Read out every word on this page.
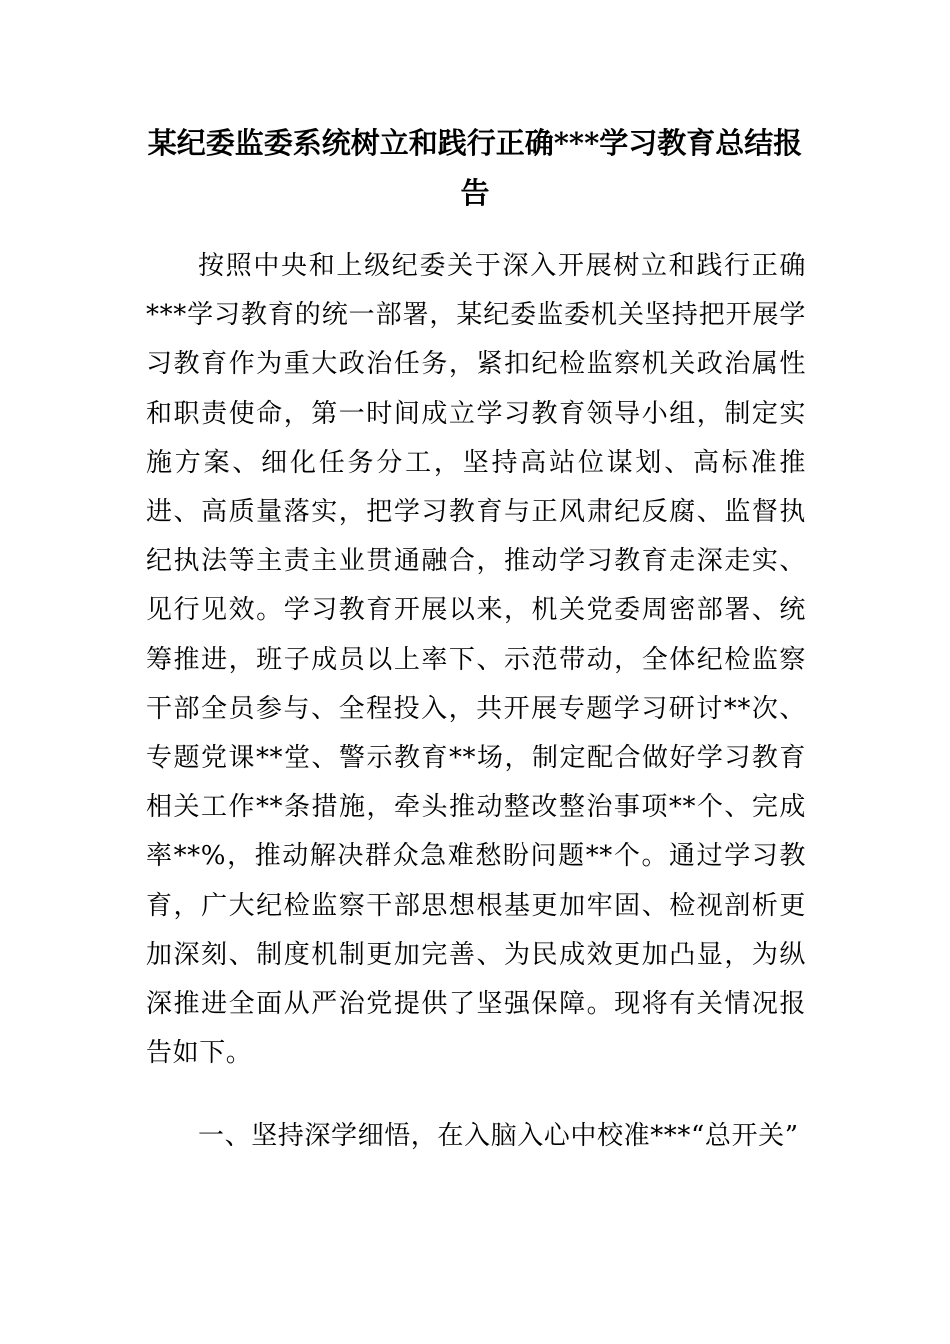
某纪委监委系统树立和践行正确***学习教育总结报告

按照中央和上级纪委关于深入开展树立和践行正确***学习教育的统一部署，某纪委监委机关坚持把开展学习教育作为重大政治任务，紧扣纪检监察机关政治属性和职责使命，第一时间成立学习教育领导小组，制定实施方案、细化任务分工，坚持高站位谋划、高标准推进、高质量落实，把学习教育与正风肃纪反腐、监督执纪执法等主责主业贯通融合，推动学习教育走深走实、见行见效。学习教育开展以来，机关党委周密部署、统筹推进，班子成员以上率下、示范带动，全体纪检监察干部全员参与、全程投入，共开展专题学习研讨**次、专题党课**堂、警示教育**场，制定配合做好学习教育相关工作**条措施，牵头推动整改整治事项**个、完成率**%，推动解决群众急难愁盼问题**个。通过学习教育，广大纪检监察干部思想根基更加牢固、检视剖析更加深刻、制度机制更加完善、为民成效更加凸显，为纵深推进全面从严治党提供了坚强保障。现将有关情况报告如下。

一、坚持深学细悟，在入脑入心中校准***“总开关”
